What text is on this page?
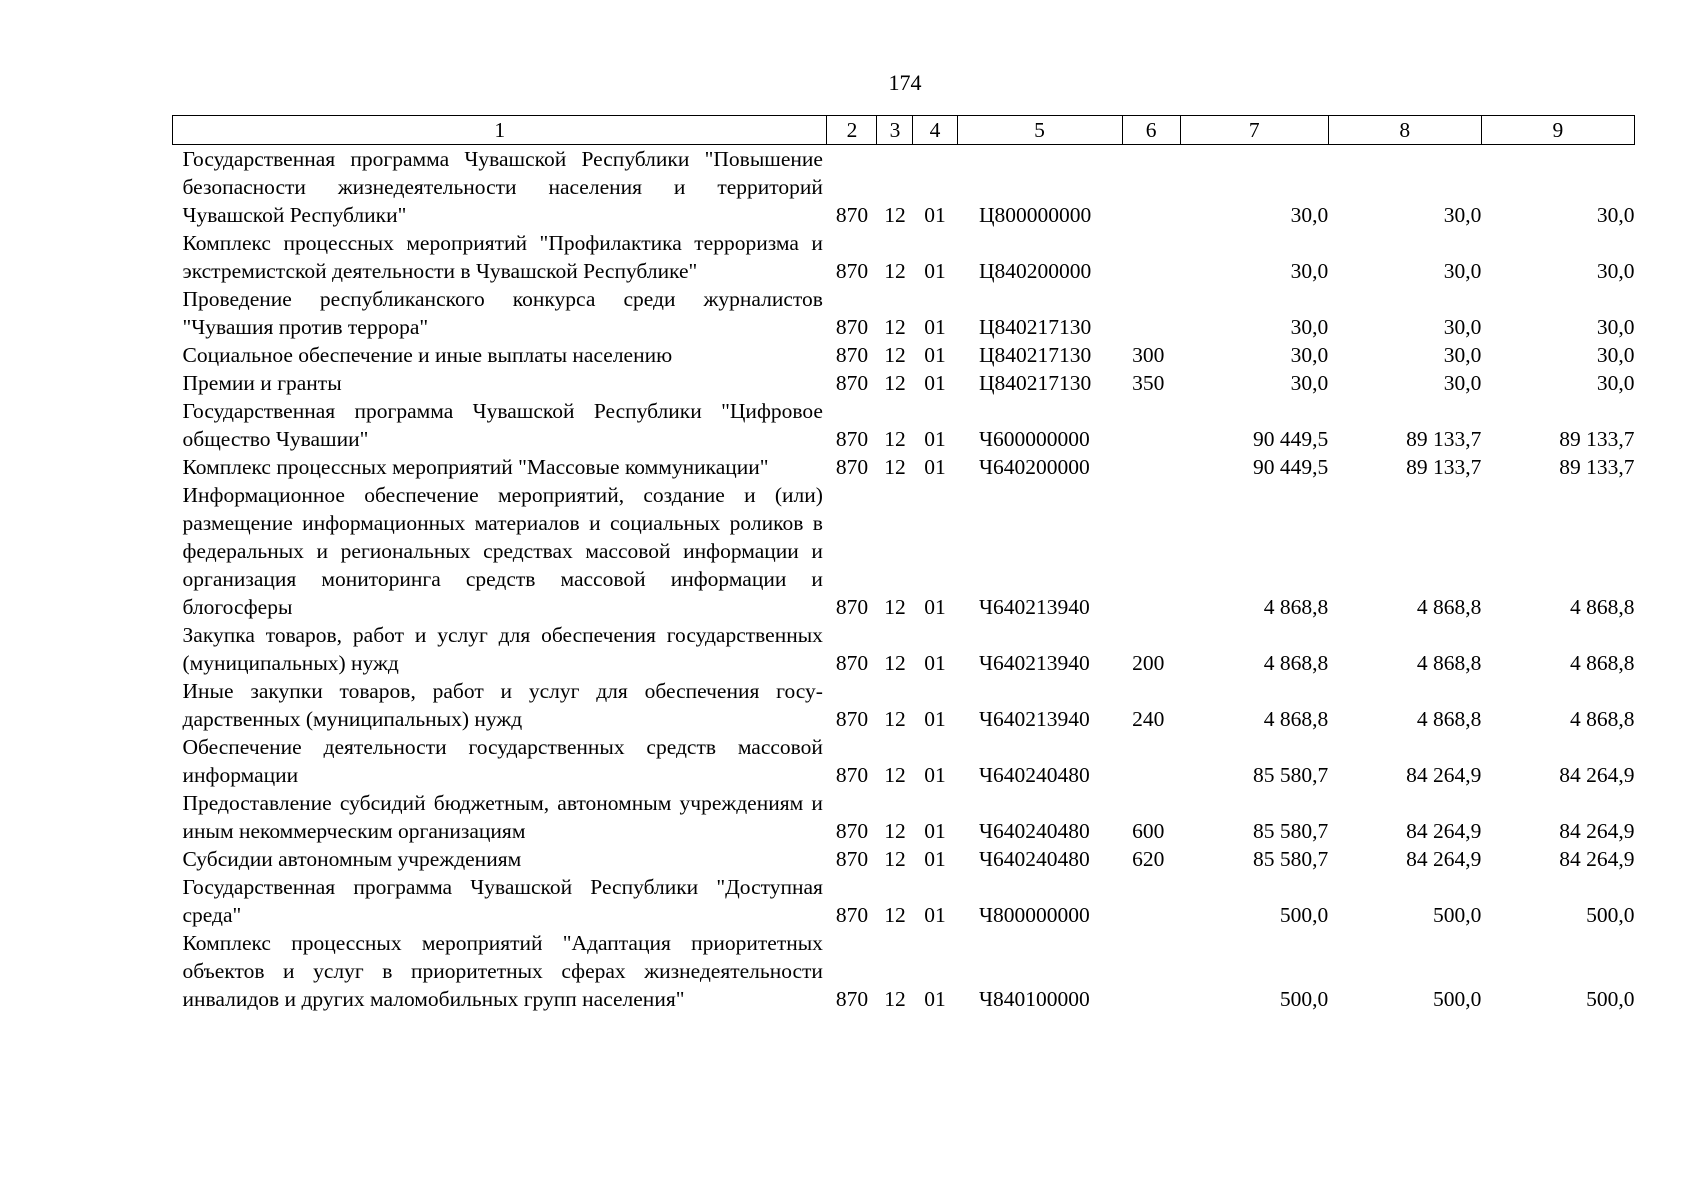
174
1	2	3	4	5	6	7	8	9
Государственная программа Чувашской Республики "Повышение безопасности жизнедеятельности населения и территорий Чувашской Республики"	870	12	01	Ц800000000		30,0	30,0	30,0
Комплекс процессных мероприятий "Профилактика терроризма и экстремистской деятельности в Чувашской Республике"	870	12	01	Ц840200000		30,0	30,0	30,0
Проведение республиканского конкурса среди журналистов "Чувашия против террора"	870	12	01	Ц840217130		30,0	30,0	30,0
Социальное обеспечение и иные выплаты населению	870	12	01	Ц840217130	300	30,0	30,0	30,0
Премии и гранты	870	12	01	Ц840217130	350	30,0	30,0	30,0
Государственная программа Чувашской Республики "Цифровое общество Чувашии"	870	12	01	Ч600000000		90 449,5	89 133,7	89 133,7
Комплекс процессных мероприятий "Массовые коммуникации"	870	12	01	Ч640200000		90 449,5	89 133,7	89 133,7
Информационное обеспечение мероприятий, создание и (или) размещение информационных материалов и социальных роликов в федеральных и региональных средствах массовой информации и организация мониторинга средств массовой информации и блогосферы	870	12	01	Ч640213940		4 868,8	4 868,8	4 868,8
Закупка товаров, работ и услуг для обеспечения государственных (муниципальных) нужд	870	12	01	Ч640213940	200	4 868,8	4 868,8	4 868,8
Иные закупки товаров, работ и услуг для обеспечения государственных (муниципальных) нужд	870	12	01	Ч640213940	240	4 868,8	4 868,8	4 868,8
Обеспечение деятельности государственных средств массовой информации	870	12	01	Ч640240480		85 580,7	84 264,9	84 264,9
Предоставление субсидий бюджетным, автономным учреждениям и иным некоммерческим организациям	870	12	01	Ч640240480	600	85 580,7	84 264,9	84 264,9
Субсидии автономным учреждениям	870	12	01	Ч640240480	620	85 580,7	84 264,9	84 264,9
Государственная программа Чувашской Республики "Доступная среда"	870	12	01	Ч800000000		500,0	500,0	500,0
Комплекс процессных мероприятий "Адаптация приоритетных объектов и услуг в приоритетных сферах жизнедеятельности инвалидов и других маломобильных групп населения"	870	12	01	Ч840100000		500,0	500,0	500,0
